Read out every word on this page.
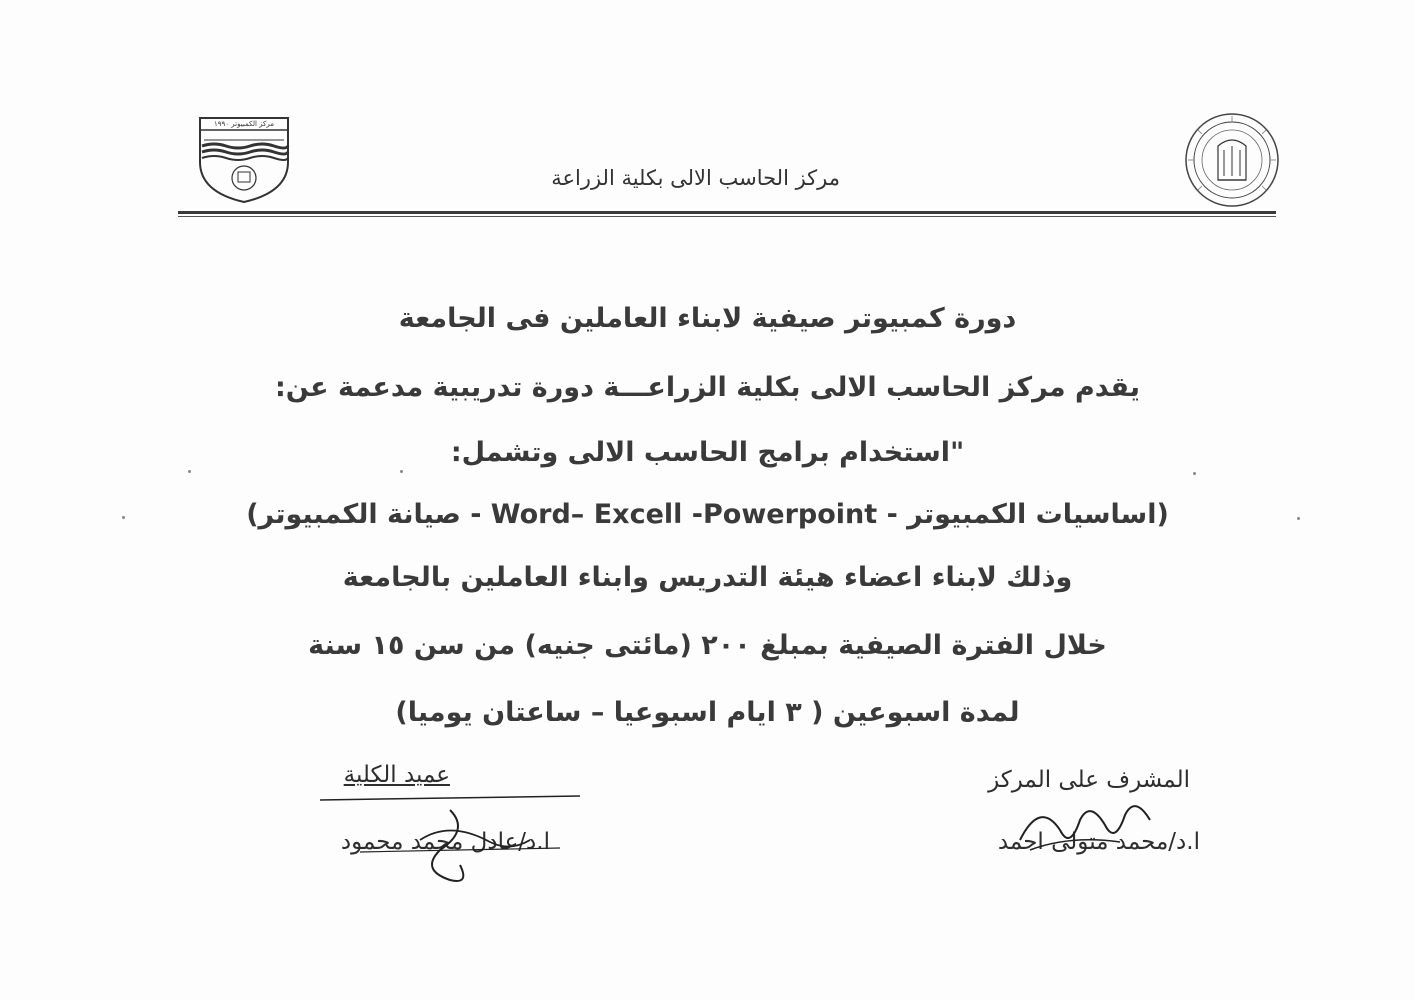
مركز الكمبيوتر ١٩٩٠
مركز الحاسب الالى بكلية الزراعة
دورة كمبيوتر صيفية لابناء العاملين فى الجامعة
يقدم مركز الحاسب الالى بكلية الزراعـــة دورة تدريبية مدعمة عن:
"استخدام برامج الحاسب الالى وتشمل:
(اساسيات الكمبيوتر - Word– Excell -Powerpoint - صيانة الكمبيوتر)
وذلك لابناء اعضاء هيئة التدريس وابناء العاملين بالجامعة
خلال الفترة الصيفية بمبلغ ٢٠٠ (مائتى جنيه) من سن ١٥ سنة
لمدة اسبوعين ( ٣ ايام اسبوعيا – ساعتان يوميا)
المشرف على المركز
ا.د/محمد متولى احمد
عميد الكلية
ا.د/عادل محمد محمود
